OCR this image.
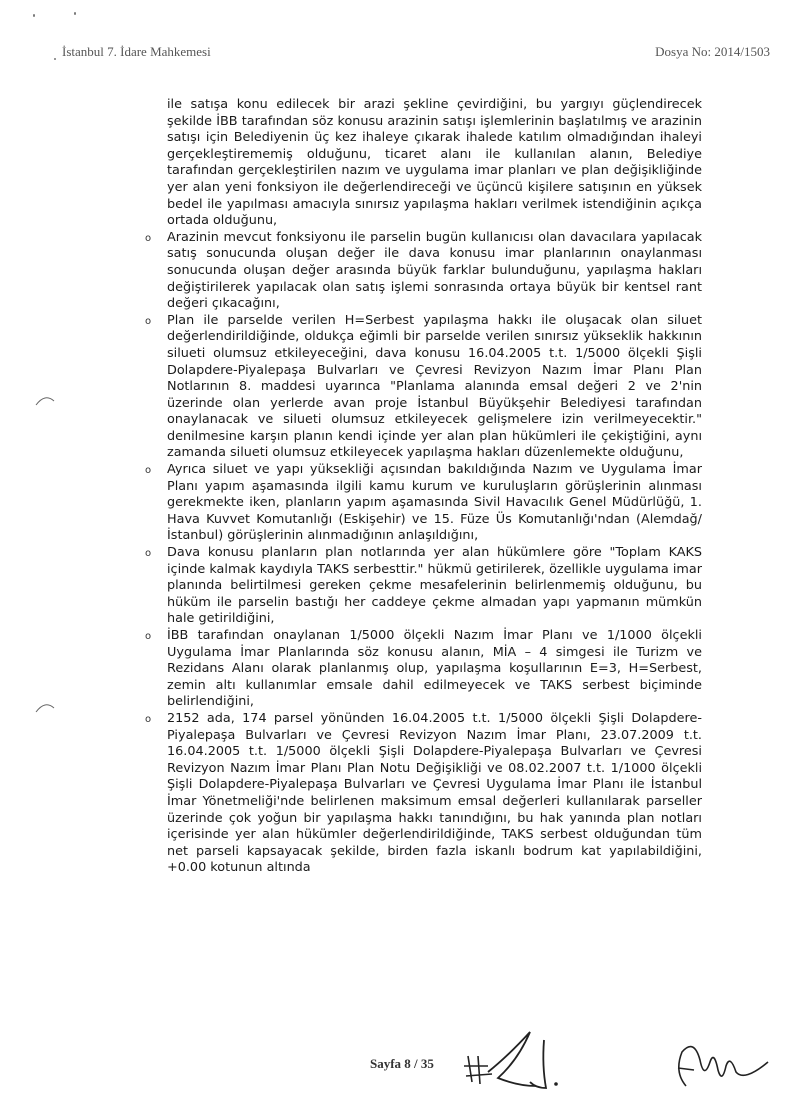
İstanbul 7. İdare Mahkemesi	Dosya No: 2014/1503

ile satışa konu edilecek bir arazi şekline çevirdiğini, bu yargıyı güçlendirecek şekilde İBB tarafından söz konusu arazinin satışı işlemlerinin başlatılmış ve arazinin satışı için Belediyenin üç kez ihaleye çıkarak ihalede katılım olmadığından ihaleyi gerçekleştirememiş olduğunu, ticaret alanı ile kullanılan alanın, Belediye tarafından gerçekleştirilen nazım ve uygulama imar planları ve plan değişikliğinde yer alan yeni fonksiyon ile değerlendireceği ve üçüncü kişilere satışının en yüksek bedel ile yapılması amacıyla sınırsız yapılaşma hakları verilmek istendiğinin açıkça ortada olduğunu,

o Arazinin mevcut fonksiyonu ile parselin bugün kullanıcısı olan davacılara yapılacak satış sonucunda oluşan değer ile dava konusu imar planlarının onaylanması sonucunda oluşan değer arasında büyük farklar bulunduğunu, yapılaşma hakları değiştirilerek yapılacak olan satış işlemi sonrasında ortaya büyük bir kentsel rant değeri çıkacağını,
o Plan ile parselde verilen H=Serbest yapılaşma hakkı ile oluşacak olan siluet değerlendirildiğinde, oldukça eğimli bir parselde verilen sınırsız yükseklik hakkının silueti olumsuz etkileyeceğini, dava konusu 16.04.2005 t.t. 1/5000 ölçekli Şişli Dolapdere-Piyalepaşa Bulvarları ve Çevresi Revizyon Nazım İmar Planı Plan Notlarının 8. maddesi uyarınca "Planlama alanında emsal değeri 2 ve 2'nin üzerinde olan yerlerde avan proje İstanbul Büyükşehir Belediyesi tarafından onaylanacak ve silueti olumsuz etkileyecek gelişmelere izin verilmeyecektir." denilmesine karşın planın kendi içinde yer alan plan hükümleri ile çekiştiğini, aynı zamanda silueti olumsuz etkileyecek yapılaşma hakları düzenlemekte olduğunu,
o Ayrıca siluet ve yapı yüksekliği açısından bakıldığında Nazım ve Uygulama İmar Planı yapım aşamasında ilgili kamu kurum ve kuruluşların görüşlerinin alınması gerekmekte iken, planların yapım aşamasında Sivil Havacılık Genel Müdürlüğü, 1. Hava Kuvvet Komutanlığı (Eskişehir) ve 15. Füze Üs Komutanlığı'ndan (Alemdağ/İstanbul) görüşlerinin alınmadığının anlaşıldığını,
o Dava konusu planların plan notlarında yer alan hükümlere göre "Toplam KAKS içinde kalmak kaydıyla TAKS serbesttir." hükmü getirilerek, özellikle uygulama imar planında belirtilmesi gereken çekme mesafelerinin belirlenmemiş olduğunu, bu hüküm ile parselin bastığı her caddeye çekme almadan yapı yapmanın mümkün hale getirildiğini,
o İBB tarafından onaylanan 1/5000 ölçekli Nazım İmar Planı ve 1/1000 ölçekli Uygulama İmar Planlarında söz konusu alanın, MİA – 4 simgesi ile Turizm ve Rezidans Alanı olarak planlanmış olup, yapılaşma koşullarının E=3, H=Serbest, zemin altı kullanımlar emsale dahil edilmeyecek ve TAKS serbest biçiminde belirlendiğini,
o 2152 ada, 174 parsel yönünden 16.04.2005 t.t. 1/5000 ölçekli Şişli Dolapdere-Piyalepaşa Bulvarları ve Çevresi Revizyon Nazım İmar Planı, 23.07.2009 t.t. 16.04.2005 t.t. 1/5000 ölçekli Şişli Dolapdere-Piyalepaşa Bulvarları ve Çevresi Revizyon Nazım İmar Planı Plan Notu Değişikliği ve 08.02.2007 t.t. 1/1000 ölçekli Şişli Dolapdere-Piyalepaşa Bulvarları ve Çevresi Uygulama İmar Planı ile İstanbul İmar Yönetmeliği'nde belirlenen maksimum emsal değerleri kullanılarak parseller üzerinde çok yoğun bir yapılaşma hakkı tanındığını, bu hak yanında plan notları içerisinde yer alan hükümler değerlendirildiğinde, TAKS serbest olduğundan tüm net parseli kapsayacak şekilde, birden fazla iskanlı bodrum kat yapılabildiğini, +0.00 kotunun altında
Sayfa 8 / 35
